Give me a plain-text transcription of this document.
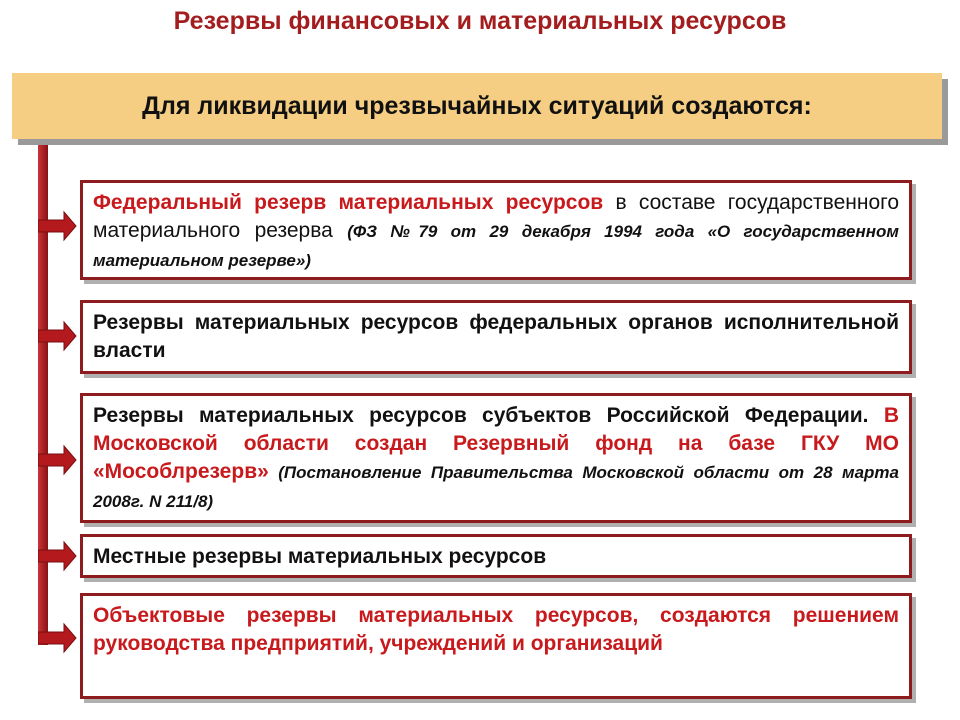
Резервы финансовых и материальных ресурсов
Для ликвидации чрезвычайных ситуаций создаются:
Федеральный резерв материальных ресурсов в составе государственного материального резерва (ФЗ №79 от 29 декабря 1994 года «О государственном материальном резерве»)
Резервы материальных ресурсов федеральных органов исполнительной власти
Резервы материальных ресурсов субъектов Российской Федерации. В Московской области создан Резервный фонд на базе ГКУ МО «Мособлрезерв» (Постановление Правительства Московской области от 28 марта 2008г. N 211/8)
Местные резервы материальных ресурсов
Объектовые резервы материальных ресурсов, создаются решением руководства предприятий, учреждений и организаций
